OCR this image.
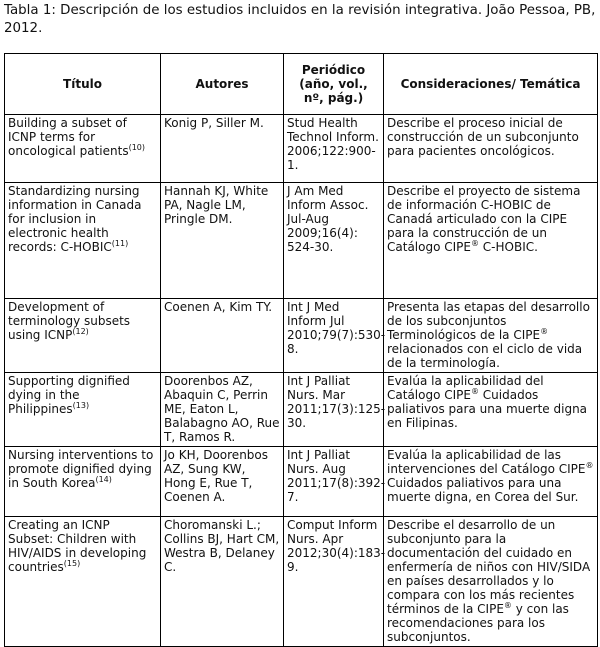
Tabla 1: Descripción de los estudios incluidos en la revisión integrativa. João Pessoa, PB, 2012.
Título	Autores	Periódico (año, vol., nº, pág.)	Consideraciones/ Temática
Building a subset of ICNP terms for oncological patients$^{(10)}$	Konig P, Siller M.	Stud Health Technol Inform. 2006;122:900-1.	Describe el proceso inicial de construcción de un subconjunto para pacientes oncológicos.
Standardizing nursing information in Canada for inclusion in electronic health records: C-HOBIC$^{(11)}$	Hannah KJ, White PA, Nagle LM, Pringle DM.	J Am Med Inform Assoc. Jul-Aug 2009;16(4): 524-30.	Describe el proyecto de sistema de información C-HOBIC de Canadá articulado con la CIPE para la construcción de un Catálogo CIPE® C-HOBIC.
Development of terminology subsets using ICNP$^{(12)}$	Coenen A, Kim TY.	Int J Med Inform Jul 2010;79(7):530-8.	Presenta las etapas del desarrollo de los subconjuntos Terminológicos de la CIPE® relacionados con el ciclo de vida de la terminología.
Supporting dignified dying in the Philippines$^{(13)}$	Doorenbos AZ, Abaquin C, Perrin ME, Eaton L, Balabagno AO, Rue T, Ramos R.	Int J Palliat Nurs. Mar 2011;17(3):125-30.	Evalúa la aplicabilidad del Catálogo CIPE® Cuidados paliativos para una muerte digna en Filipinas.
Nursing interventions to promote dignified dying in South Korea$^{(14)}$	Jo KH, Doorenbos AZ, Sung KW, Hong E, Rue T, Coenen A.	Int J Palliat Nurs. Aug 2011;17(8):392-7.	Evalúa la aplicabilidad de las intervenciones del Catálogo CIPE® Cuidados paliativos para una muerte digna, en Corea del Sur.
Creating an ICNP Subset: Children with HIV/AIDS in developing countries$^{(15)}$	Choromanski L.; Collins BJ, Hart CM, Westra B, Delaney C.	Comput Inform Nurs. Apr 2012;30(4):183-9.	Describe el desarrollo de un subconjunto para la documentación del cuidado en enfermería de niños con HIV/SIDA en países desarrollados y lo compara con los más recientes términos de la CIPE® y con las recomendaciones para los subconjuntos.
